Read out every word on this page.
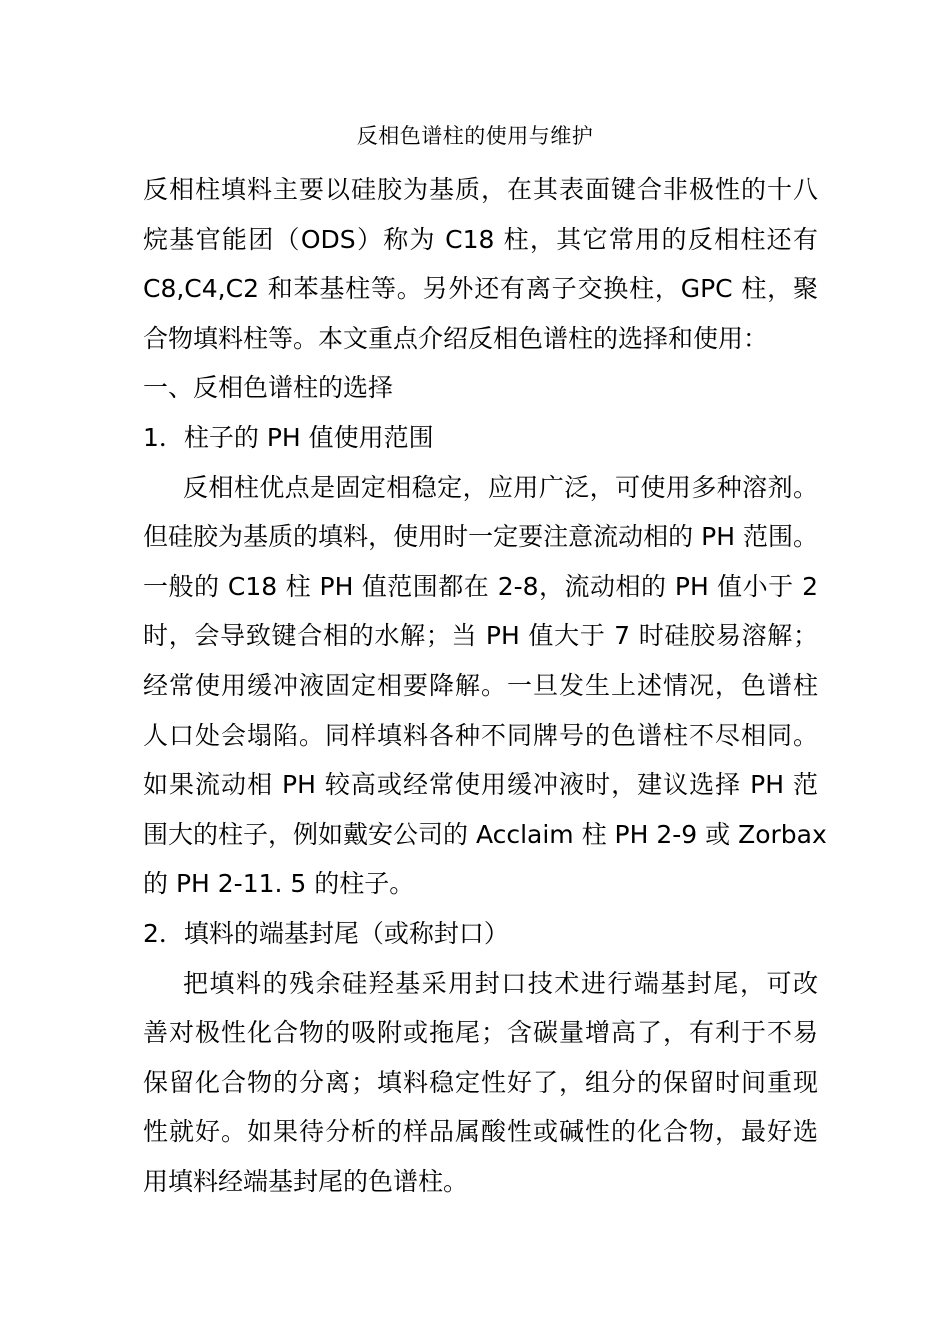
反相色谱柱的使用与维护
反相柱填料主要以硅胶为基质，在其表面键合非极性的十八
烷基官能团（ODS）称为 C18 柱，其它常用的反相柱还有
C8,C4,C2 和苯基柱等。另外还有离子交换柱，GPC 柱，聚
合物填料柱等。本文重点介绍反相色谱柱的选择和使用：
一、反相色谱柱的选择
1．柱子的 PH 值使用范围
反相柱优点是固定相稳定，应用广泛，可使用多种溶剂。
但硅胶为基质的填料，使用时一定要注意流动相的 PH 范围。
一般的 C18 柱 PH 值范围都在 2-8，流动相的 PH 值小于 2
时，会导致键合相的水解；当 PH 值大于 7 时硅胶易溶解；
经常使用缓冲液固定相要降解。一旦发生上述情况，色谱柱
人口处会塌陷。同样填料各种不同牌号的色谱柱不尽相同。
如果流动相 PH 较高或经常使用缓冲液时，建议选择 PH 范
围大的柱子，例如戴安公司的 Acclaim 柱 PH 2-9 或 Zorbax
的 PH 2-11. 5 的柱子。
2．填料的端基封尾（或称封口）
把填料的残余硅羟基采用封口技术进行端基封尾，可改
善对极性化合物的吸附或拖尾；含碳量增高了，有利于不易
保留化合物的分离；填料稳定性好了，组分的保留时间重现
性就好。如果待分析的样品属酸性或碱性的化合物，最好选
用填料经端基封尾的色谱柱。
